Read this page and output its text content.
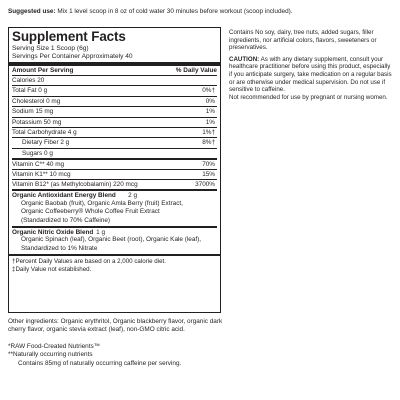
Suggested use: Mix 1 level scoop in 8 oz of cold water 30 minutes before workout (scoop included).
Supplement Facts
Serving Size 1 Scoop (6g)
Servings Per Container Approximately 40
Amount Per Serving	% Daily Value
Calories 20
Total Fat 0 g	0%†
Cholesterol 0 mg	0%
Sodium 15 mg	1%
Potassium 50 mg	1%
Total Carbohydrate 4 g	1%†
Dietary Fiber 2 g	8%†
Sugars 0 g
Vitamin C** 40 mg	70%
Vitamin K1** 10 mcg	15%
Vitamin B12* (as Methylcobalamin) 220 mcg	3700%
Organic Antioxidant Energy Blend 2 g
Organic Baobab (fruit), Organic Amla Berry (fruit) Extract,
Organic Coffeeberry® Whole Coffee Fruit Extract
(Standardized to 70% Caffeine)
Organic Nitric Oxide Blend 1 g
Organic Spinach (leaf), Organic Beet (root), Organic Kale (leaf),
Standardized to 1% Nitrate
†Percent Daily Values are based on a 2,000 calorie diet.
‡Daily Value not established.
Other ingredients: Organic erythritol, Organic blackberry flavor, organic dark cherry flavor, organic stevia extract (leaf), non-GMO citric acid.
*RAW Food-Created Nutrients™
**Naturally occurring nutrients
Contains 85mg of naturally occurring caffeine per serving.
Contains No soy, dairy, tree nuts, added sugars, filler ingredients, nor artificial colors, flavors, sweeteners or preservatives.
CAUTION: As with any dietary supplement, consult your healthcare practitioner before using this product, especially if you anticipate surgery, take medication on a regular basis or are otherwise under medical supervision. Do not use if sensitive to caffeine.
Not recommended for use by pregnant or nursing women.
